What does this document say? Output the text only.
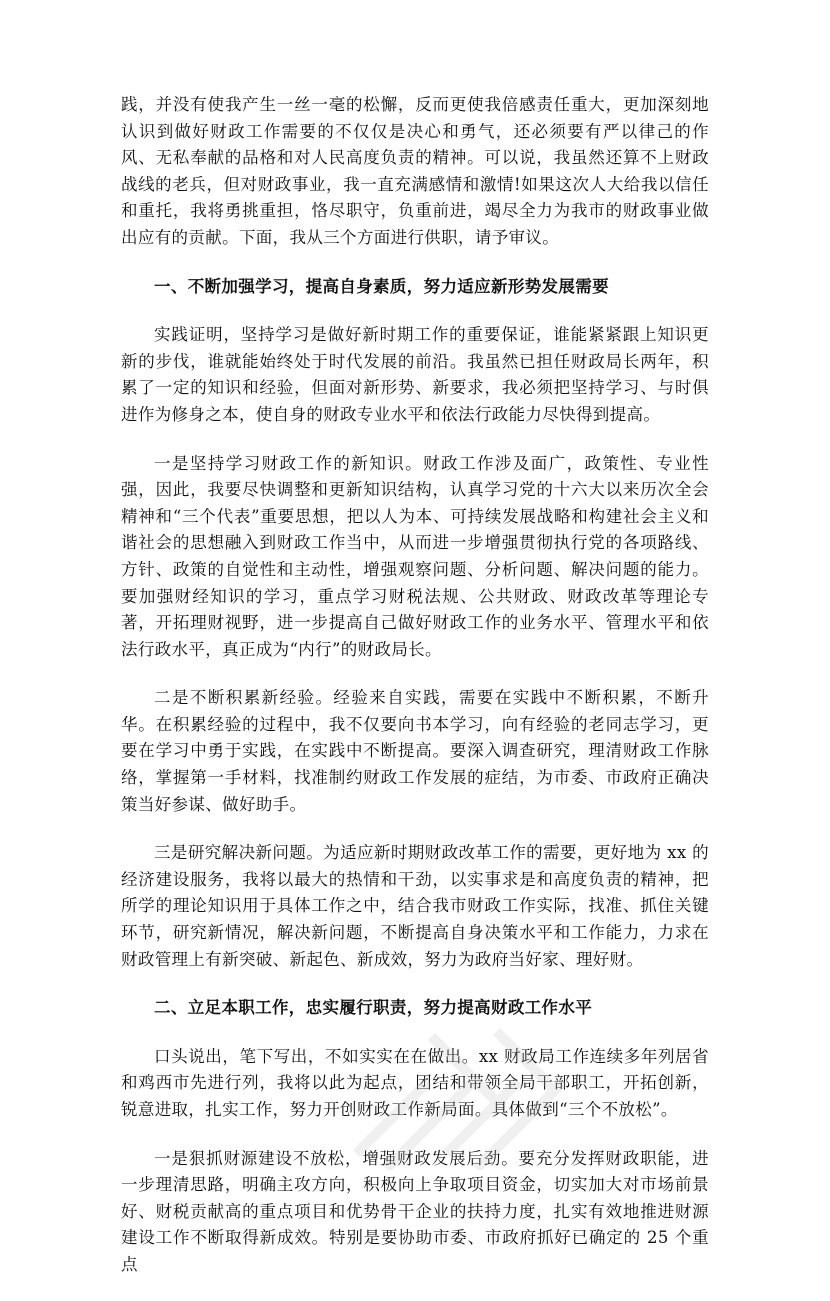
践，并没有使我产生一丝一毫的松懈，反而更使我倍感责任重大，更加深刻地认识到做好财政工作需要的不仅仅是决心和勇气，还必须要有严以律己的作风、无私奉献的品格和对人民高度负责的精神。可以说，我虽然还算不上财政战线的老兵，但对财政事业，我一直充满感情和激情!如果这次人大给我以信任和重托，我将勇挑重担，恪尽职守，负重前进，竭尽全力为我市的财政事业做出应有的贡献。下面，我从三个方面进行供职，请予审议。

一、不断加强学习，提高自身素质，努力适应新形势发展需要

实践证明，坚持学习是做好新时期工作的重要保证，谁能紧紧跟上知识更新的步伐，谁就能始终处于时代发展的前沿。我虽然已担任财政局长两年，积累了一定的知识和经验，但面对新形势、新要求，我必须把坚持学习、与时俱进作为修身之本，使自身的财政专业水平和依法行政能力尽快得到提高。

一是坚持学习财政工作的新知识。财政工作涉及面广，政策性、专业性强，因此，我要尽快调整和更新知识结构，认真学习党的十六大以来历次全会精神和“三个代表”重要思想，把以人为本、可持续发展战略和构建社会主义和谐社会的思想融入到财政工作当中，从而进一步增强贯彻执行党的各项路线、方针、政策的自觉性和主动性，增强观察问题、分析问题、解决问题的能力。要加强财经知识的学习，重点学习财税法规、公共财政、财政改革等理论专著，开拓理财视野，进一步提高自己做好财政工作的业务水平、管理水平和依法行政水平，真正成为“内行”的财政局长。

二是不断积累新经验。经验来自实践，需要在实践中不断积累，不断升华。在积累经验的过程中，我不仅要向书本学习，向有经验的老同志学习，更要在学习中勇于实践，在实践中不断提高。要深入调查研究，理清财政工作脉络，掌握第一手材料，找准制约财政工作发展的症结，为市委、市政府正确决策当好参谋、做好助手。

三是研究解决新问题。为适应新时期财政改革工作的需要，更好地为 xx 的经济建设服务，我将以最大的热情和干劲，以实事求是和高度负责的精神，把所学的理论知识用于具体工作之中，结合我市财政工作实际，找准、抓住关键环节，研究新情况，解决新问题，不断提高自身决策水平和工作能力，力求在财政管理上有新突破、新起色、新成效，努力为政府当好家、理好财。

二、立足本职工作，忠实履行职责，努力提高财政工作水平

口头说出，笔下写出，不如实实在在做出。xx 财政局工作连续多年列居省和鸡西市先进行列，我将以此为起点，团结和带领全局干部职工，开拓创新，锐意进取，扎实工作，努力开创财政工作新局面。具体做到“三个不放松”。

一是狠抓财源建设不放松，增强财政发展后劲。要充分发挥财政职能，进一步理清思路，明确主攻方向，积极向上争取项目资金，切实加大对市场前景好、财税贡献高的重点项目和优势骨干企业的扶持力度，扎实有效地推进财源建设工作不断取得新成效。特别是要协助市委、市政府抓好已确定的 25 个重点
